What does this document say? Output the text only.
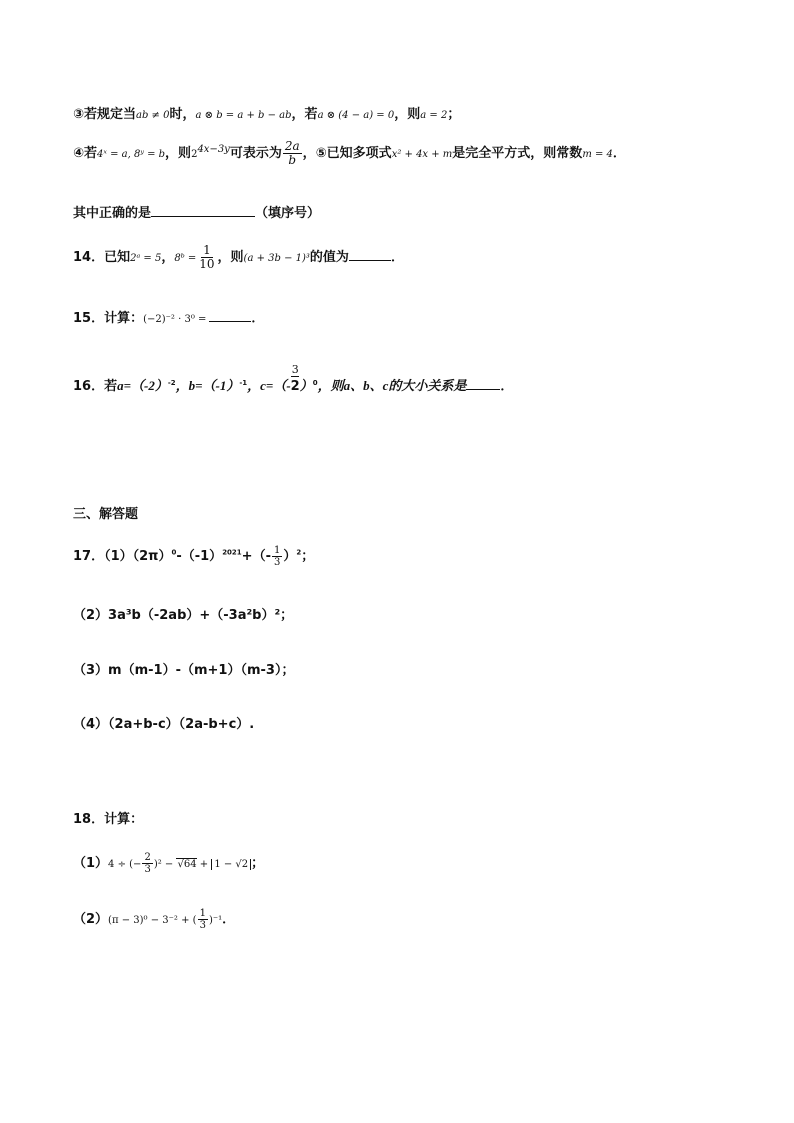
③若规定当ab ≠ 0时，a ⊗ b = a + b − ab，若a ⊗ (4 − a) = 0，则a = 2；
④若4ˣ = a, 8ʸ = b，则$2^{4x-3y}$可表示为 $\frac{2a}{b}$ ，⑤已知多项式x² + 4x + m是完全平方式，则常数m = 4．
其中正确的是	（填序号）
14．已知2ᵃ = 5，8ᵇ = $\frac{1}{10}$ ，则(a + 3b − 1)³的值为	．
15．计算：(−2)⁻² · 3⁰ =	．
16．若$a=(-2)^{-2}$，$b=(-1)^{-1}$，c=（-
3
2 ）$^0$，则a、b、c的大小关系是	．
三、解答题
17．$(1)(2\pi)^0-(-1)^{2021}+(- \frac{1}{3} )^2$；
（2）3a³b（-2ab）+（-3a²b）²；
（3）m（m-1）-（m+1）（m-3）；
（4）（2a+b-c）（2a-b+c）.
18．计算：
（1）4 ÷ (− $\frac{2}{3} )^2 - √64 + 1 - √2$ ；
（2）(π − 3)⁰ − 3⁻² + ( $\frac{1}{3} )^{-1}$．
